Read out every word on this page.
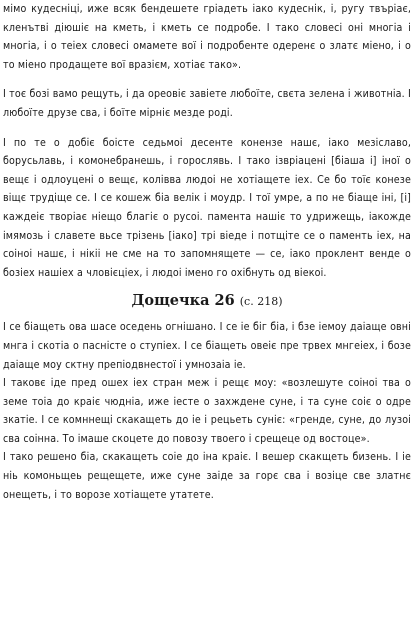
мімо кудесніці, иже всяк бендешете гріадеть іако кудеснік, і, ругу твъріає, кленътві діюшіє на кметь, і кметь се подробе. І тако словесі оні многіа і многіа, і о теіех словесі омамете вої і подробенте одеренє о златє міено, і о то міено продащете вої вразієм, хотіає тако».

І тоє бозі вамо рещуть, і да ореовіє завіете любоїте, свєта зелена і животніа. І любоїте друзе сва, і боїте мірніє мезде роді.

І по те о добіє боісте седьмоі десенте конензе нашє, іако мезіславо, борусьлавь, і комонебранешь, і горослявь. І тако ізвріацені [біаша і] іної о вещє і одлоуцені о вещє, колівва людоі не хотіащете іех. Се бо тоїє конезе віщє трудіще се. І се кошеж біа велік і моудр. І тої умре, а по не біаще іні, [і] каждеіє творіає ніещо благіє о русоі. памента нашіє то удрижещь, іакожде імямозь і славете вьсе трізень [іако] трі віеде і потщіте се о паменть іех, на соіноі нашє, і нікіі не сме на то запомнящете — се, іако проклент венде о бозіех нашіех а чловієціех, і людоі імено го охібнуть од віекоі.

Дощечка 26 (с. 218)

І се біащеть ова шасе оседень огнішано. І се іе біг біа, і бзе іемоу даіаще овні мнга і скотіа о пасністе о ступіех. І се біащеть овеіє пре трвех мнгеіех, і бозе даіаще моу сктну препіодвнестої і умнозаіа іе.

І таковє іде пред ошех іех стран меж і рещє моу: «возлешуте соіноі тва о земе тоіа до краіє чюдніа, иже іесте о захждене суне, і та суне соіє о одре зкатіе. І се комннещі скакащеть до іе і рецьеть суніє: «гренде, суне, до лузоі сва соінна. То імаше скоцете до повозу твоего і срещеце од востоце».

І тако решено біа, скакащеть соіе до іна краіє. І вешер скакщеть бизень. І іе ніь комоньщеь рещещете, иже суне заіде за горє сва і возіце све златнє онещеть, і то ворозе хотіащете утатете.
